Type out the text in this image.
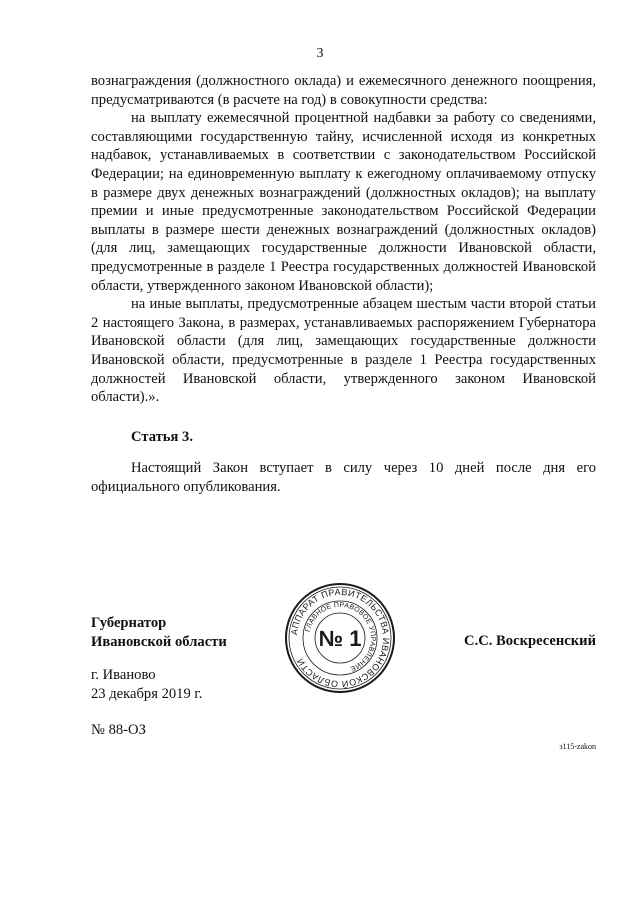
3

вознаграждения (должностного оклада) и ежемесячного денежного поощрения, предусматриваются (в расчете на год) в совокупности средства:

на выплату ежемесячной процентной надбавки за работу со сведениями, составляющими государственную тайну, исчисленной исходя из конкретных надбавок, устанавливаемых в соответствии с законодательством Российской Федерации; на единовременную выплату к ежегодному оплачиваемому отпуску в размере двух денежных вознаграждений (должностных окладов); на выплату премии и иные предусмотренные законодательством Российской Федерации выплаты в размере шести денежных вознаграждений (должностных окладов) (для лиц, замещающих государственные должности Ивановской области, предусмотренные в разделе 1 Реестра государственных должностей Ивановской области, утвержденного законом Ивановской области);

на иные выплаты, предусмотренные абзацем шестым части второй статьи 2 настоящего Закона, в размерах, устанавливаемых распоряжением Губернатора Ивановской области (для лиц, замещающих государственные должности Ивановской области, предусмотренные в разделе 1 Реестра государственных должностей Ивановской области, утвержденного законом Ивановской области).».

Статья 3.

Настоящий Закон вступает в силу через 10 дней после дня его официального опубликования.

Губернатор
Ивановской области
АППАРАТ ПРАВИТЕЛЬСТВА ИВАНОВСКОЙ ОБЛАСТИ
ГЛАВНОЕ ПРАВОВОЕ УПРАВЛЕНИЕ
№ 1	С.С. Воскресенский
г. Иваново
23 декабря 2019 г.
№ 88-ОЗ
з115-zakon
